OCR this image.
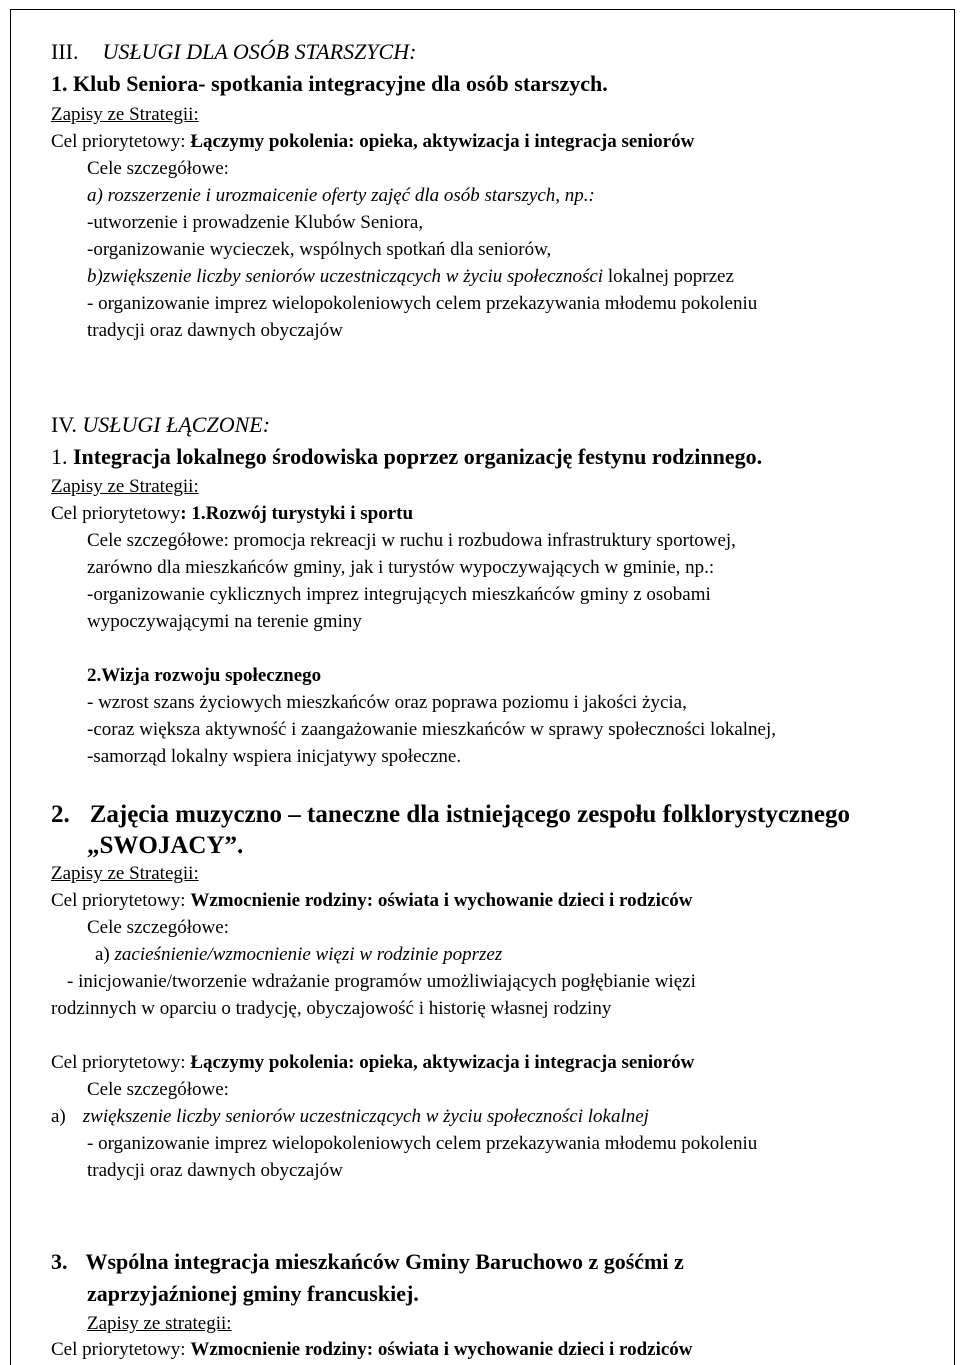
III. USŁUGI DLA OSÓB STARSZYCH:
1. Klub Seniora- spotkania integracyjne dla osób starszych.
Zapisy ze Strategii:
Cel priorytetowy: Łączymy pokolenia: opieka, aktywizacja i integracja seniorów
Cele szczegółowe:
a) rozszerzenie i urozmaicenie oferty zajęć dla osób starszych, np.:
-utworzenie i prowadzenie Klubów Seniora,
-organizowanie wycieczek, wspólnych spotkań dla seniorów,
b)zwiększenie liczby seniorów uczestniczących w życiu społeczności lokalnej poprzez
- organizowanie imprez wielopokoleniowych celem przekazywania młodemu pokoleniu
tradycji oraz dawnych obyczajów
IV. USŁUGI ŁĄCZONE:
1. Integracja lokalnego środowiska poprzez organizację festynu rodzinnego.
Zapisy ze Strategii:
Cel priorytetowy: 1.Rozwój turystyki i sportu
Cele szczegółowe: promocja rekreacji w ruchu i rozbudowa infrastruktury sportowej,
zarówno dla mieszkańców gminy, jak i turystów wypoczywających w gminie, np.:
-organizowanie cyklicznych imprez integrujących mieszkańców gminy z osobami
wypoczywającymi na terenie gminy
2.Wizja rozwoju społecznego
- wzrost szans życiowych mieszkańców oraz poprawa poziomu i jakości życia,
-coraz większa aktywność i zaangażowanie mieszkańców w sprawy społeczności lokalnej,
-samorząd lokalny wspiera inicjatywy społeczne.
2. Zajęcia muzyczno – taneczne dla istniejącego zespołu folklorystycznego
„SWOJACY”.
Zapisy ze Strategii:
Cel priorytetowy: Wzmocnienie rodziny: oświata i wychowanie dzieci i rodziców
Cele szczegółowe:
a) zacieśnienie/wzmocnienie więzi w rodzinie poprzez
- inicjowanie/tworzenie wdrażanie programów umożliwiających pogłębianie więzi
rodzinnych w oparciu o tradycję, obyczajowość i historię własnej rodziny
Cel priorytetowy: Łączymy pokolenia: opieka, aktywizacja i integracja seniorów
Cele szczegółowe:
a) zwiększenie liczby seniorów uczestniczących w życiu społeczności lokalnej
- organizowanie imprez wielopokoleniowych celem przekazywania młodemu pokoleniu
tradycji oraz dawnych obyczajów
3. Wspólna integracja mieszkańców Gminy Baruchowo z gośćmi z
zaprzyjaźnionej gminy francuskiej.
Zapisy ze strategii:
Cel priorytetowy: Wzmocnienie rodziny: oświata i wychowanie dzieci i rodziców
